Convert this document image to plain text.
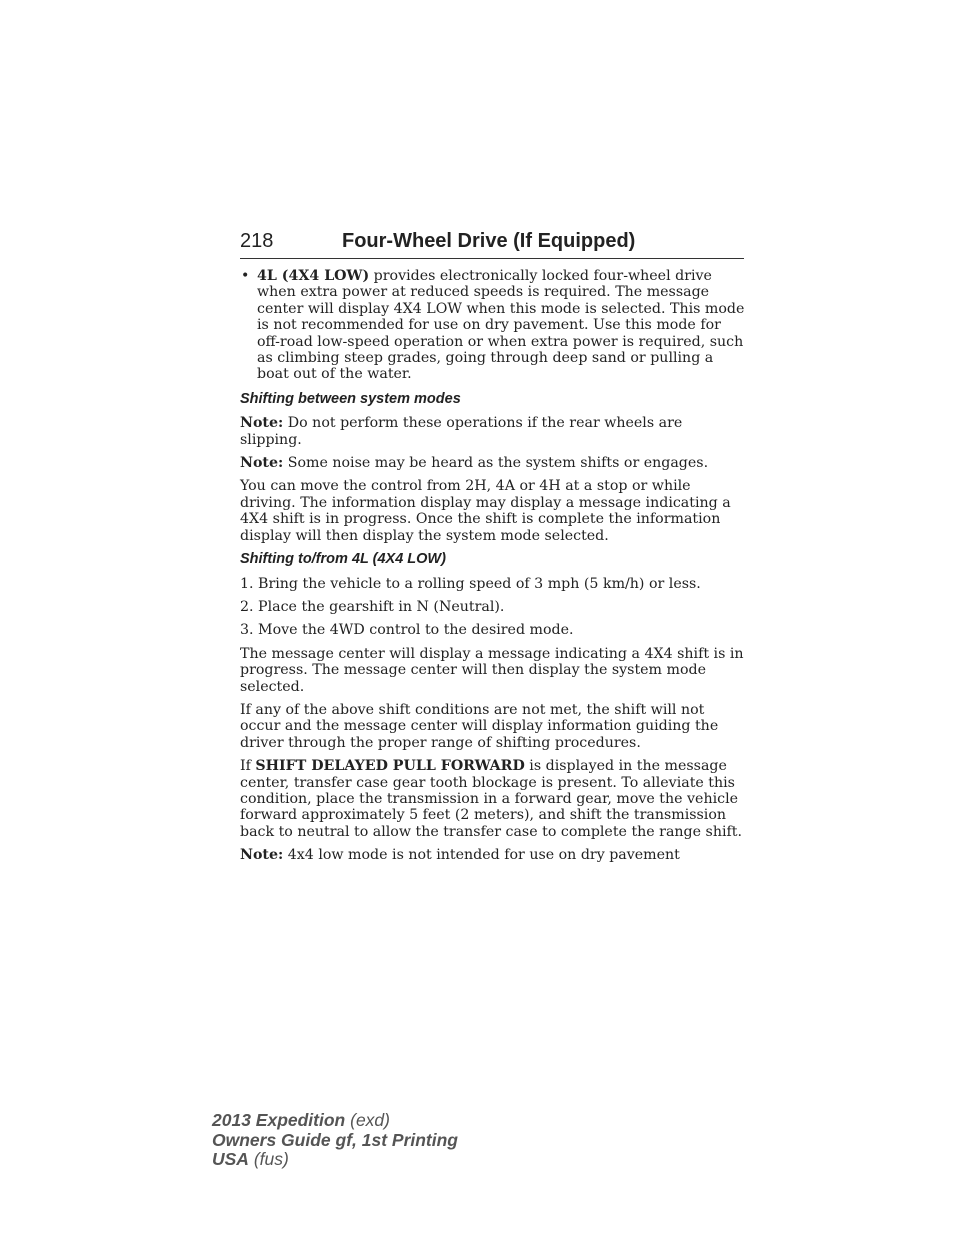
218	Four-Wheel Drive (If Equipped)
• 4L (4X4 LOW) provides electronically locked four-wheel drive when extra power at reduced speeds is required. The message center will display 4X4 LOW when this mode is selected. This mode is not recommended for use on dry pavement. Use this mode for off-road low-speed operation or when extra power is required, such as climbing steep grades, going through deep sand or pulling a boat out of the water.
Shifting between system modes

Note: Do not perform these operations if the rear wheels are slipping.

Note: Some noise may be heard as the system shifts or engages.

You can move the control from 2H, 4A or 4H at a stop or while driving. The information display may display a message indicating a 4X4 shift is in progress. Once the shift is complete the information display will then display the system mode selected.

Shifting to/from 4L (4X4 LOW)

1. Bring the vehicle to a rolling speed of 3 mph (5 km/h) or less.

2. Place the gearshift in N (Neutral).

3. Move the 4WD control to the desired mode.

The message center will display a message indicating a 4X4 shift is in progress. The message center will then display the system mode selected.

If any of the above shift conditions are not met, the shift will not occur and the message center will display information guiding the driver through the proper range of shifting procedures.

If SHIFT DELAYED PULL FORWARD is displayed in the message center, transfer case gear tooth blockage is present. To alleviate this condition, place the transmission in a forward gear, move the vehicle forward approximately 5 feet (2 meters), and shift the transmission back to neutral to allow the transfer case to complete the range shift.

Note: 4x4 low mode is not intended for use on dry pavement

2013 Expedition (exd)
Owners Guide gf, 1st Printing
USA (fus)
